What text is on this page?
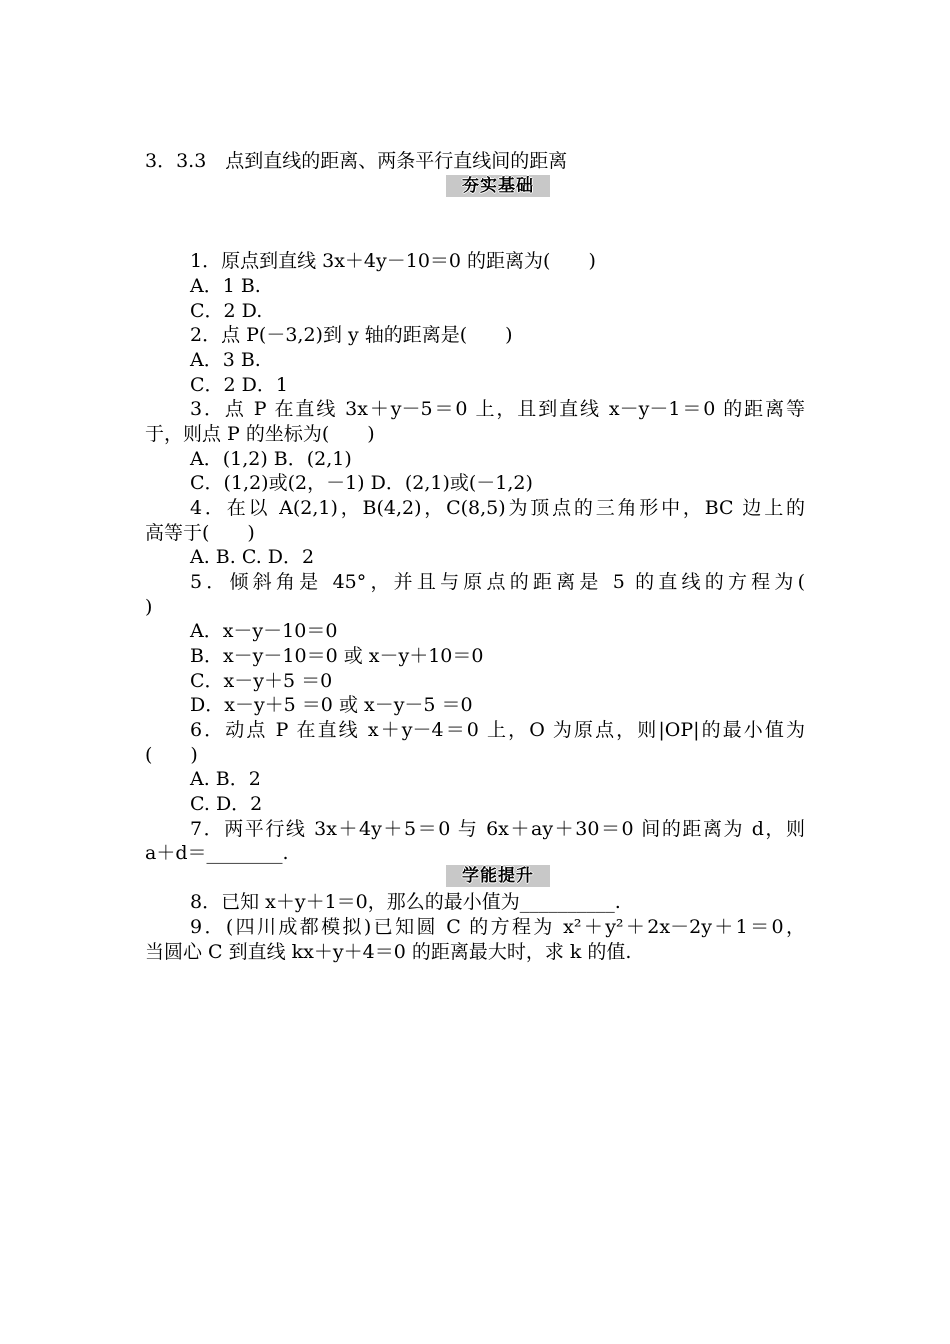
3．3.3　点到直线的距离、两条平行直线间的距离
夯实基础
1．原点到直线 3x＋4y－10＝0 的距离为(　　)
A．1 B.
C．2 D.
2．点 P(－3,2)到 y 轴的距离是(　　)
A．3 B.
C．2 D．1
3．点 P 在直线 3x＋y－5＝0 上，且到直线 x－y－1＝0 的距离等
于，则点 P 的坐标为(　　)
A．(1,2) B．(2,1)
C．(1,2)或(2，－1) D．(2,1)或(－1,2)
4．在以 A(2,1)，B(4,2)，C(8,5)为顶点的三角形中，BC 边上的
高等于(　　)
A. B. C. D．2
5．倾斜角是 45°，并且与原点的距离是 5 的直线的方程为(
)
A．x－y－10＝0
B．x－y－10＝0 或 x－y＋10＝0
C．x－y＋5 ＝0
D．x－y＋5 ＝0 或 x－y－5 ＝0
6．动点 P 在直线 x＋y－4＝0 上，O 为原点，则|OP|的最小值为
(　　)
A. B．2
C. D．2
7．两平行线 3x＋4y＋5＝0 与 6x＋ay＋30＝0 间的距离为 d，则
a＋d＝________.
学能提升
8．已知 x＋y＋1＝0，那么的最小值为__________.
9．(四川成都模拟)已知圆 C 的方程为 x²＋y²＋2x－2y＋1＝0，
当圆心 C 到直线 kx＋y＋4＝0 的距离最大时，求 k 的值.
